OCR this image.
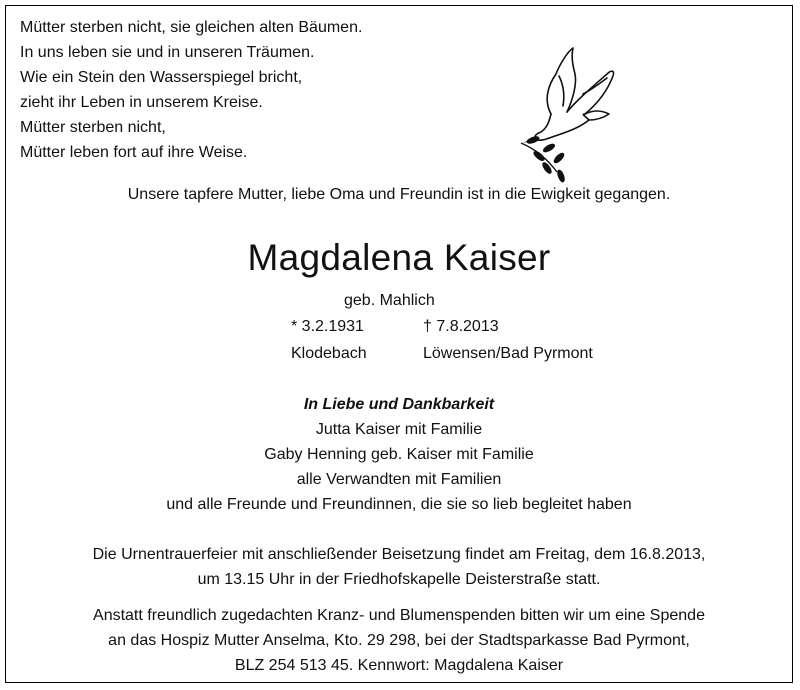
Mütter sterben nicht, sie gleichen alten Bäumen.
In uns leben sie und in unseren Träumen.
Wie ein Stein den Wasserspiegel bricht,
zieht ihr Leben in unserem Kreise.
Mütter sterben nicht,
Mütter leben fort auf ihre Weise.
Unsere tapfere Mutter, liebe Oma und Freundin ist in die Ewigkeit gegangen.
Magdalena Kaiser
geb. Mahlich
* 3.2.1931	† 7.8.2013
Klodebach	Löwensen/Bad Pyrmont
In Liebe und Dankbarkeit
Jutta Kaiser mit Familie
Gaby Henning geb. Kaiser mit Familie
alle Verwandten mit Familien
und alle Freunde und Freundinnen, die sie so lieb begleitet haben
Die Urnentrauerfeier mit anschließender Beisetzung findet am Freitag, dem 16.8.2013,
um 13.15 Uhr in der Friedhofskapelle Deisterstraße statt.
Anstatt freundlich zugedachten Kranz- und Blumenspenden bitten wir um eine Spende
an das Hospiz Mutter Anselma, Kto. 29 298, bei der Stadtsparkasse Bad Pyrmont,
BLZ 254 513 45. Kennwort: Magdalena Kaiser
